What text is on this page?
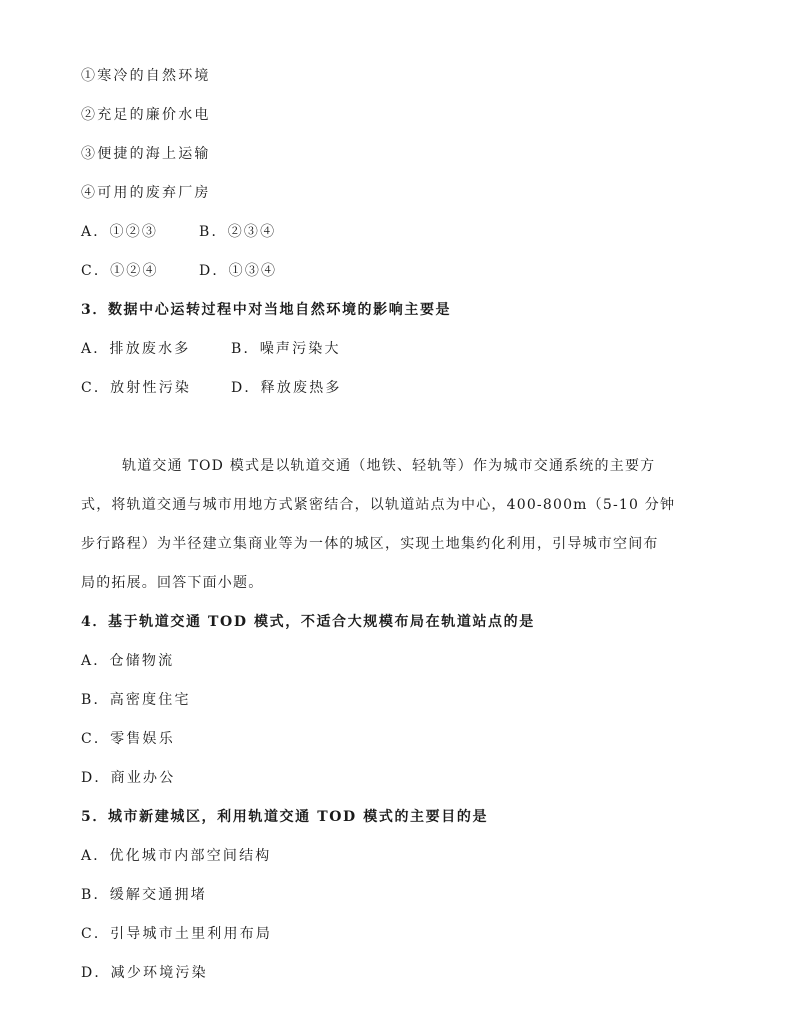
①寒冷的自然环境
②充足的廉价水电
③便捷的海上运输
④可用的废弃厂房
A．①②③	B．②③④
C．①②④	D．①③④
3．数据中心运转过程中对当地自然环境的影响主要是
A．排放废水多	B．噪声污染大
C．放射性污染	D．释放废热多
轨道交通 TOD 模式是以轨道交通（地铁、轻轨等）作为城市交通系统的主要方
式，将轨道交通与城市用地方式紧密结合，以轨道站点为中心，400-800m（5-10 分钟
步行路程）为半径建立集商业等为一体的城区，实现土地集约化利用，引导城市空间布
局的拓展。回答下面小题。
4．基于轨道交通 TOD 模式，不适合大规模布局在轨道站点的是
A．仓储物流
B．高密度住宅
C．零售娱乐
D．商业办公
5．城市新建城区，利用轨道交通 TOD 模式的主要目的是
A．优化城市内部空间结构
B．缓解交通拥堵
C．引导城市土里利用布局
D．减少环境污染
